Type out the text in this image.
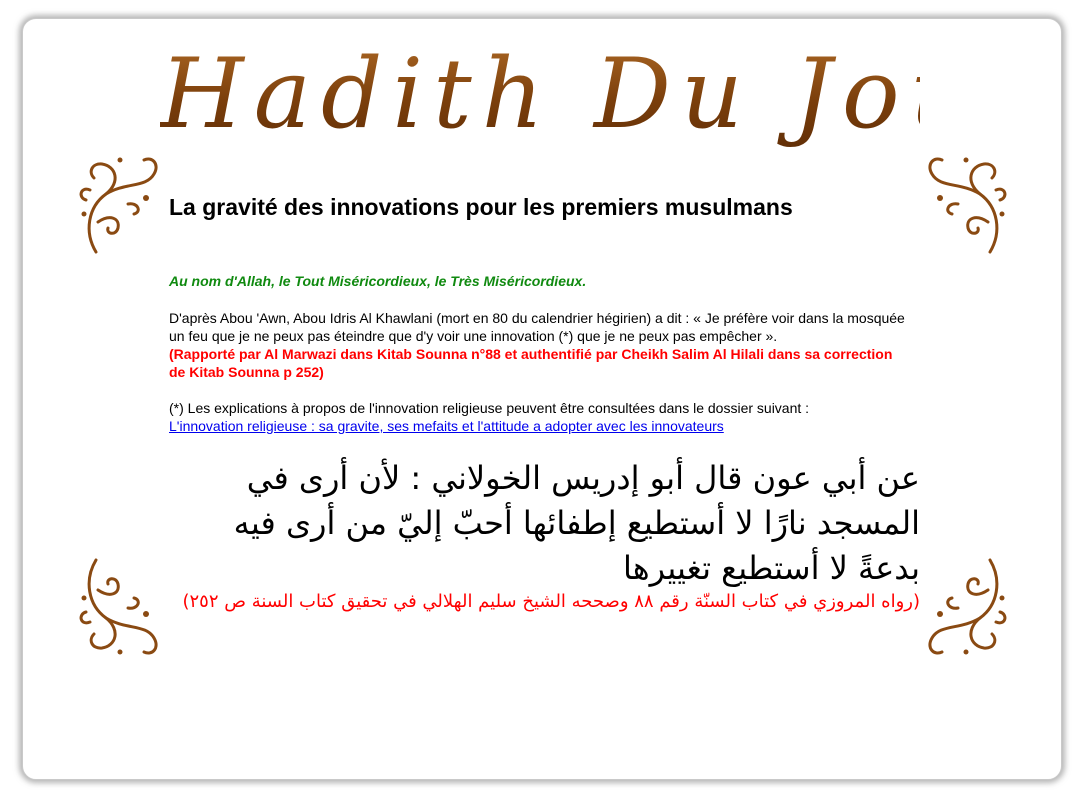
Hadith Du Jour
La gravité des innovations pour les premiers musulmans
Au nom d'Allah, le Tout Miséricordieux, le Très Miséricordieux.
D'après Abou 'Awn, Abou Idris Al Khawlani (mort en 80 du calendrier hégirien) a dit : « Je préfère voir dans la mosquée un feu que je ne peux pas éteindre que d'y voir une innovation (*) que je ne peux pas empêcher ».
(Rapporté par Al Marwazi dans Kitab Sounna n°88 et authentifié par Cheikh Salim Al Hilali dans sa correction de Kitab Sounna p 252)
(*) Les explications à propos de l'innovation religieuse peuvent être consultées dans le dossier suivant :
L'innovation religieuse : sa gravite, ses mefaits et l'attitude a adopter avec les innovateurs
عن أبي عون قال أبو إدريس الخولاني : لأن أرى في المسجد نارًا لا أستطيع إطفائها أحبّ إليّ من أرى فيه بدعةً لا أستطيع تغييرها
(رواه المروزي في كتاب السنّة رقم ٨٨ وصححه الشيخ سليم الهلالي في تحقيق كتاب السنة ص ٢٥٢)
